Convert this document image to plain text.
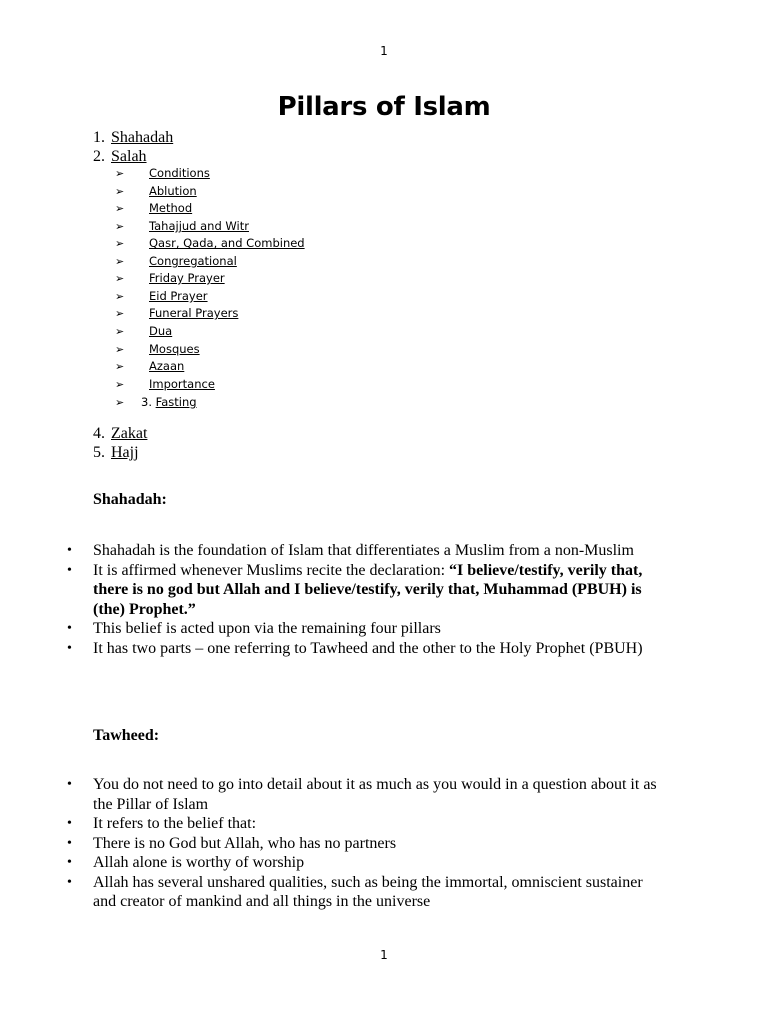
1
Pillars of Islam
1. Shahadah
2. Salah
➢ Conditions
➢ Ablution
➢ Method
➢ Tahajjud and Witr
➢ Qasr, Qada, and Combined
➢ Congregational
➢ Friday Prayer
➢ Eid Prayer
➢ Funeral Prayers
➢ Dua
➢ Mosques
➢ Azaan
➢ Importance
➢ 3. Fasting
4. Zakat
5. Hajj
Shahadah:
•	Shahadah is the foundation of Islam that differentiates a Muslim from a non-Muslim
•	It is affirmed whenever Muslims recite the declaration: “I believe/testify, verily that, there is no god but Allah and I believe/testify, verily that, Muhammad (PBUH) is (the) Prophet.”
•	This belief is acted upon via the remaining four pillars
•	It has two parts – one referring to Tawheed and the other to the Holy Prophet (PBUH)
Tawheed:
•	You do not need to go into detail about it as much as you would in a question about it as the Pillar of Islam
•	It refers to the belief that:
•	There is no God but Allah, who has no partners
•	Allah alone is worthy of worship
•	Allah has several unshared qualities, such as being the immortal, omniscient sustainer and creator of mankind and all things in the universe
1
